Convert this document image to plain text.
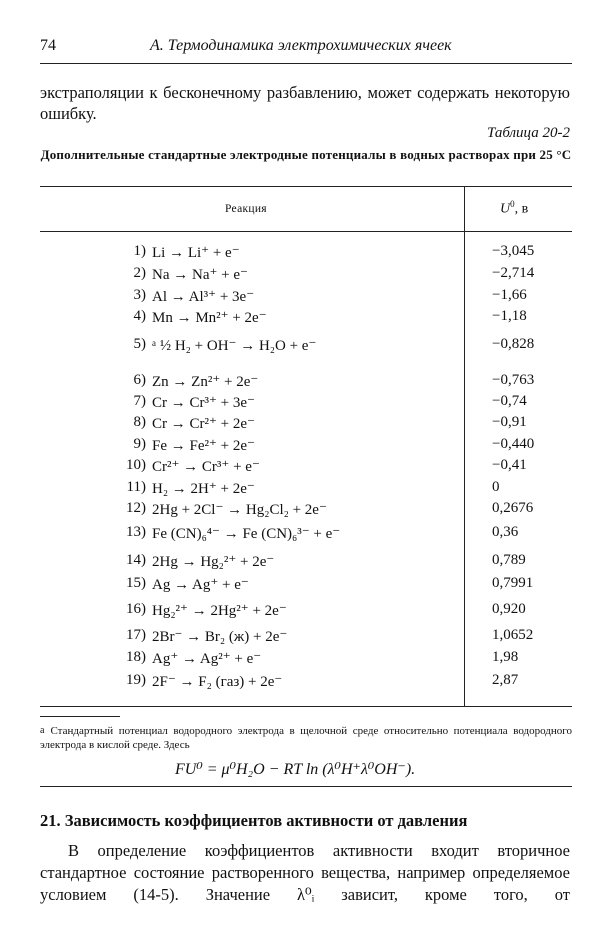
74	А. Термодинамика электрохимических ячеек
экстраполяции к бесконечному разбавлению, может содержать некоторую ошибку.
Таблица 20-2
Дополнительные стандартные электродные потенциалы в водных растворах при 25 °С
Реакция	$U^0$, в
1) Li → Li⁺ + e⁻	−3,045
2) Na → Na⁺ + e⁻	−2,714
3) Al → Al³⁺ + 3e⁻	−1,66
4) Mn → Mn²⁺ + 2e⁻	−1,18
5) ᵃ ½ H₂ + OH⁻ → H₂O + e⁻	−0,828
6) Zn → Zn²⁺ + 2e⁻	−0,763
7) Cr → Cr³⁺ + 3e⁻	−0,74
8) Cr → Cr²⁺ + 2e⁻	−0,91
9) Fe → Fe²⁺ + 2e⁻	−0,440
10) Cr²⁺ → Cr³⁺ + e⁻	−0,41
11) H₂ → 2H⁺ + 2e⁻	0
12) 2Hg + 2Cl⁻ → Hg₂Cl₂ + 2e⁻	0,2676
13) Fe (CN)₆⁴⁻ → Fe (CN)₆³⁻ + e⁻	0,36
14) 2Hg → Hg₂²⁺ + 2e⁻	0,789
15) Ag → Ag⁺ + e⁻	0,7991
16) Hg₂²⁺ → 2Hg²⁺ + 2e⁻	0,920
17) 2Br⁻ → Br₂ (ж) + 2e⁻	1,0652
18) Ag⁺ → Ag²⁺ + e⁻	1,98
19) 2F⁻ → F₂ (газ) + 2e⁻	2,87
a Стандартный потенциал водородного электрода в щелочной среде относительно потенциала водородного электрода в кислой среде. Здесь
FU⁰ = μ⁰H₂O − RT ln (λ⁰H⁺λ⁰OH⁻).
21. Зависимость коэффициентов активности от давления
В определение коэффициентов активности входит вторичное стандартное состояние растворенного вещества, например определяемое условием (14-5). Значение λ⁰ᵢ зависит, кроме того, от
